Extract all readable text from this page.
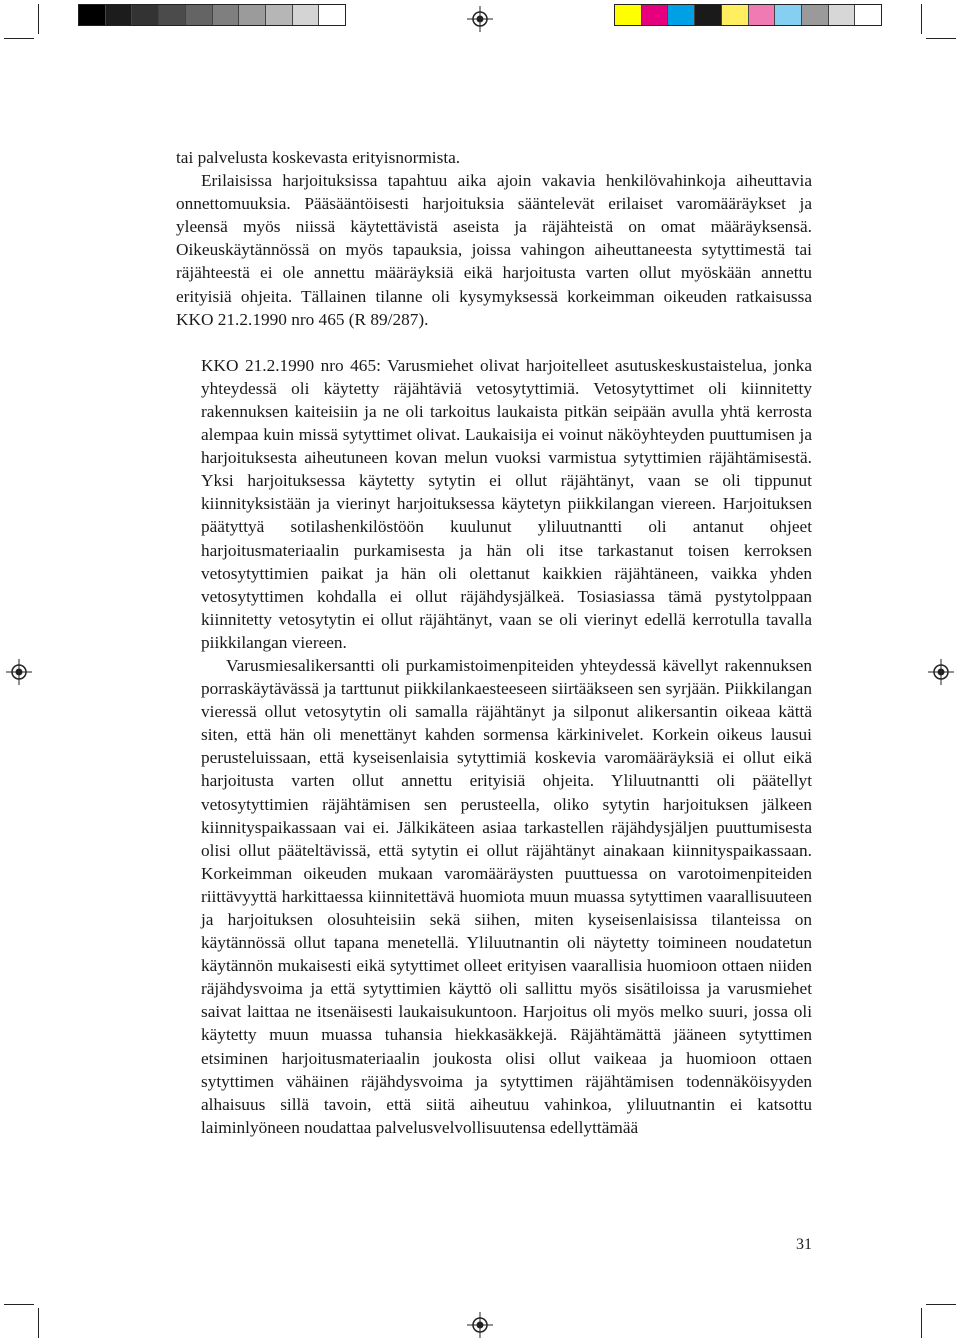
tai palvelusta koskevasta erityisnormista.

Erilaisissa harjoituksissa tapahtuu aika ajoin vakavia henkilövahinkoja aiheuttavia onnettomuuksia. Pääsääntöisesti harjoituksia sääntelevät erilaiset varomääräykset ja yleensä myös niissä käytettävistä aseista ja räjähteistä on omat määräyksensä. Oikeuskäytännössä on myös tapauksia, joissa vahingon aiheuttaneesta sytyttimestä tai räjähteestä ei ole annettu määräyksiä eikä harjoitusta varten ollut myöskään annettu erityisiä ohjeita. Tällainen tilanne oli kysymyksessä korkeimman oikeuden ratkaisussa KKO 21.2.1990 nro 465 (R 89/287).

KKO 21.2.1990 nro 465: Varusmiehet olivat harjoitelleet asutuskeskustaistelua, jonka yhteydessä oli käytetty räjähtäviä vetosytyttimiä. Vetosytyttimet oli kiinnitetty rakennuksen kaiteisiin ja ne oli tarkoitus laukaista pitkän seipään avulla yhtä kerrosta alempaa kuin missä sytyttimet olivat. Laukaisija ei voinut näköyhteyden puuttumisen ja harjoituksesta aiheutuneen kovan melun vuoksi varmistua sytyttimien räjähtämisestä. Yksi harjoituksessa käytetty sytytin ei ollut räjähtänyt, vaan se oli tippunut kiinnityksistään ja vierinyt harjoituksessa käytetyn piikkilangan viereen. Harjoituksen päätyttyä sotilashenkilöstöön kuulunut yliluutnantti oli antanut ohjeet harjoitusmateriaalin purkamisesta ja hän oli itse tarkastanut toisen kerroksen vetosytyttimien paikat ja hän oli olettanut kaikkien räjähtäneen, vaikka yhden vetosytyttimen kohdalla ei ollut räjähdysjälkeä. Tosiasiassa tämä pystytolppaan kiinnitetty vetosytytin ei ollut räjähtänyt, vaan se oli vierinyt edellä kerrotulla tavalla piikkilangan viereen.

Varusmiesalikersantti oli purkamistoimenpiteiden yhteydessä kävellyt rakennuksen porraskäytävässä ja tarttunut piikkilankaesteeseen siirtääkseen sen syrjään. Piikkilangan vieressä ollut vetosytytin oli samalla räjähtänyt ja silponut alikersantin oikeaa kättä siten, että hän oli menettänyt kahden sormensa kärkinivelet. Korkein oikeus lausui perusteluissaan, että kyseisenlaisia sytyttimiä koskevia varomääräyksiä ei ollut eikä harjoitusta varten ollut annettu erityisiä ohjeita. Yliluutnantti oli päätellyt vetosytyttimien räjähtämisen sen perusteella, oliko sytytin harjoituksen jälkeen kiinnityspaikassaan vai ei. Jälkikäteen asiaa tarkastellen räjähdysjäljen puuttumisesta olisi ollut pääteltävissä, että sytytin ei ollut räjähtänyt ainakaan kiinnityspaikassaan. Korkeimman oikeuden mukaan varomääräysten puuttuessa on varotoimenpiteiden riittävyyttä harkittaessa kiinnitettävä huomiota muun muassa sytyttimen vaarallisuuteen ja harjoituksen olosuhteisiin sekä siihen, miten kyseisenlaisissa tilanteissa on käytännössä ollut tapana menetellä. Yliluutnantin oli näytetty toimineen noudatetun käytännön mukaisesti eikä sytyttimet olleet erityisen vaarallisia huomioon ottaen niiden räjähdysvoima ja että sytyttimien käyttö oli sallittu myös sisätiloissa ja varusmiehet saivat laittaa ne itsenäisesti laukaisukuntoon. Harjoitus oli myös melko suuri, jossa oli käytetty muun muassa tuhansia hiekkasäkkejä. Räjähtämättä jääneen sytyttimen etsiminen harjoitusmateriaalin joukosta olisi ollut vaikeaa ja huomioon ottaen sytyttimen vähäinen räjähdysvoima ja sytyttimen räjähtämisen todennäköisyyden alhaisuus sillä tavoin, että siitä aiheutuu vahinkoa, yliluutnantin ei katsottu laiminlyöneen noudattaa palvelusvelvollisuutensa edellyttämää

31
